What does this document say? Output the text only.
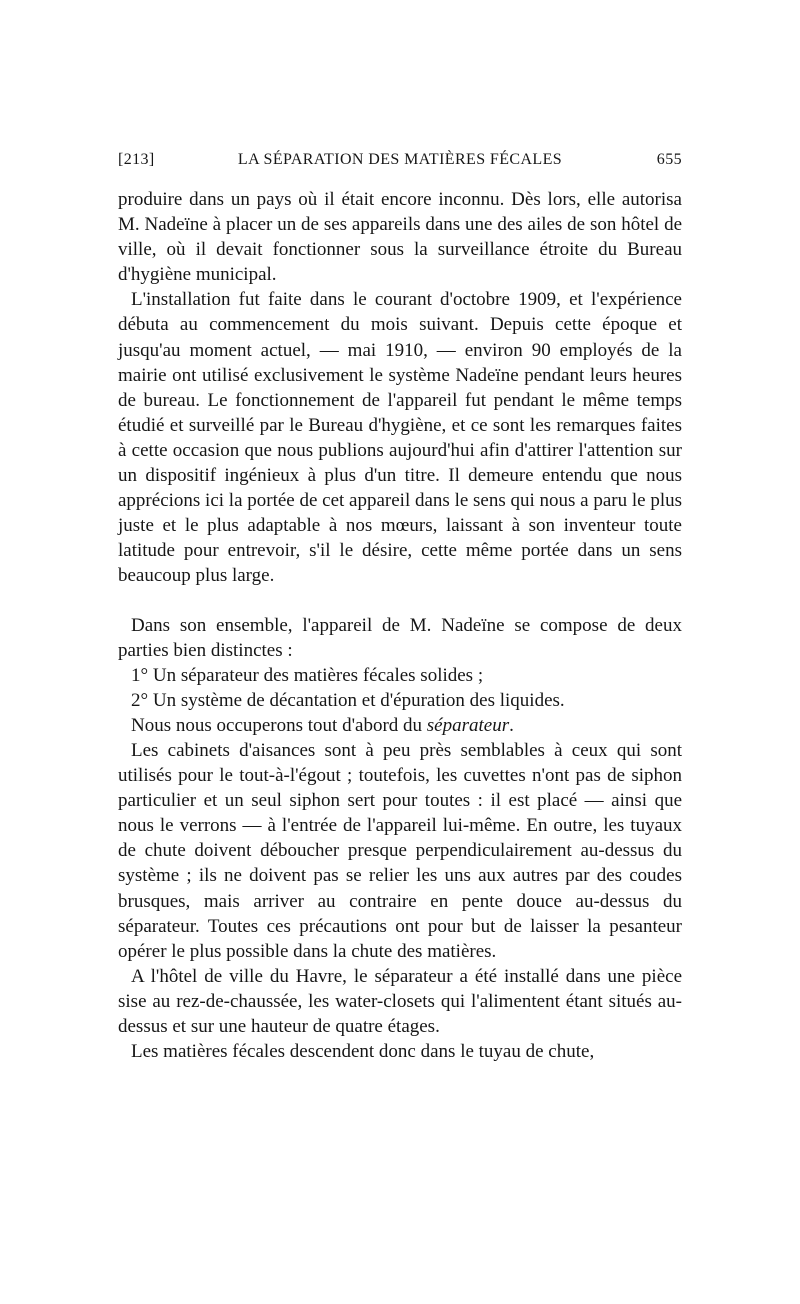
[213]	LA SÉPARATION DES MATIÈRES FÉCALES	655

produire dans un pays où il était encore inconnu. Dès lors, elle autorisa M. Nadeïne à placer un de ses appareils dans une des ailes de son hôtel de ville, où il devait fonctionner sous la surveillance étroite du Bureau d'hygiène municipal.

L'installation fut faite dans le courant d'octobre 1909, et l'expérience débuta au commencement du mois suivant. Depuis cette époque et jusqu'au moment actuel, — mai 1910, — environ 90 employés de la mairie ont utilisé exclusivement le système Nadeïne pendant leurs heures de bureau. Le fonctionnement de l'appareil fut pendant le même temps étudié et surveillé par le Bureau d'hygiène, et ce sont les remarques faites à cette occasion que nous publions aujourd'hui afin d'attirer l'attention sur un dispositif ingénieux à plus d'un titre. Il demeure entendu que nous apprécions ici la portée de cet appareil dans le sens qui nous a paru le plus juste et le plus adaptable à nos mœurs, laissant à son inventeur toute latitude pour entrevoir, s'il le désire, cette même portée dans un sens beaucoup plus large.

Dans son ensemble, l'appareil de M. Nadeïne se compose de deux parties bien distinctes :

1° Un séparateur des matières fécales solides ;

2° Un système de décantation et d'épuration des liquides.

Nous nous occuperons tout d'abord du séparateur.

Les cabinets d'aisances sont à peu près semblables à ceux qui sont utilisés pour le tout-à-l'égout ; toutefois, les cuvettes n'ont pas de siphon particulier et un seul siphon sert pour toutes : il est placé — ainsi que nous le verrons — à l'entrée de l'appareil lui-même. En outre, les tuyaux de chute doivent déboucher presque perpendiculairement au-dessus du système ; ils ne doivent pas se relier les uns aux autres par des coudes brusques, mais arriver au contraire en pente douce au-dessus du séparateur. Toutes ces précautions ont pour but de laisser la pesanteur opérer le plus possible dans la chute des matières.

A l'hôtel de ville du Havre, le séparateur a été installé dans une pièce sise au rez-de-chaussée, les water-closets qui l'alimentent étant situés au-dessus et sur une hauteur de quatre étages.

Les matières fécales descendent donc dans le tuyau de chute,
